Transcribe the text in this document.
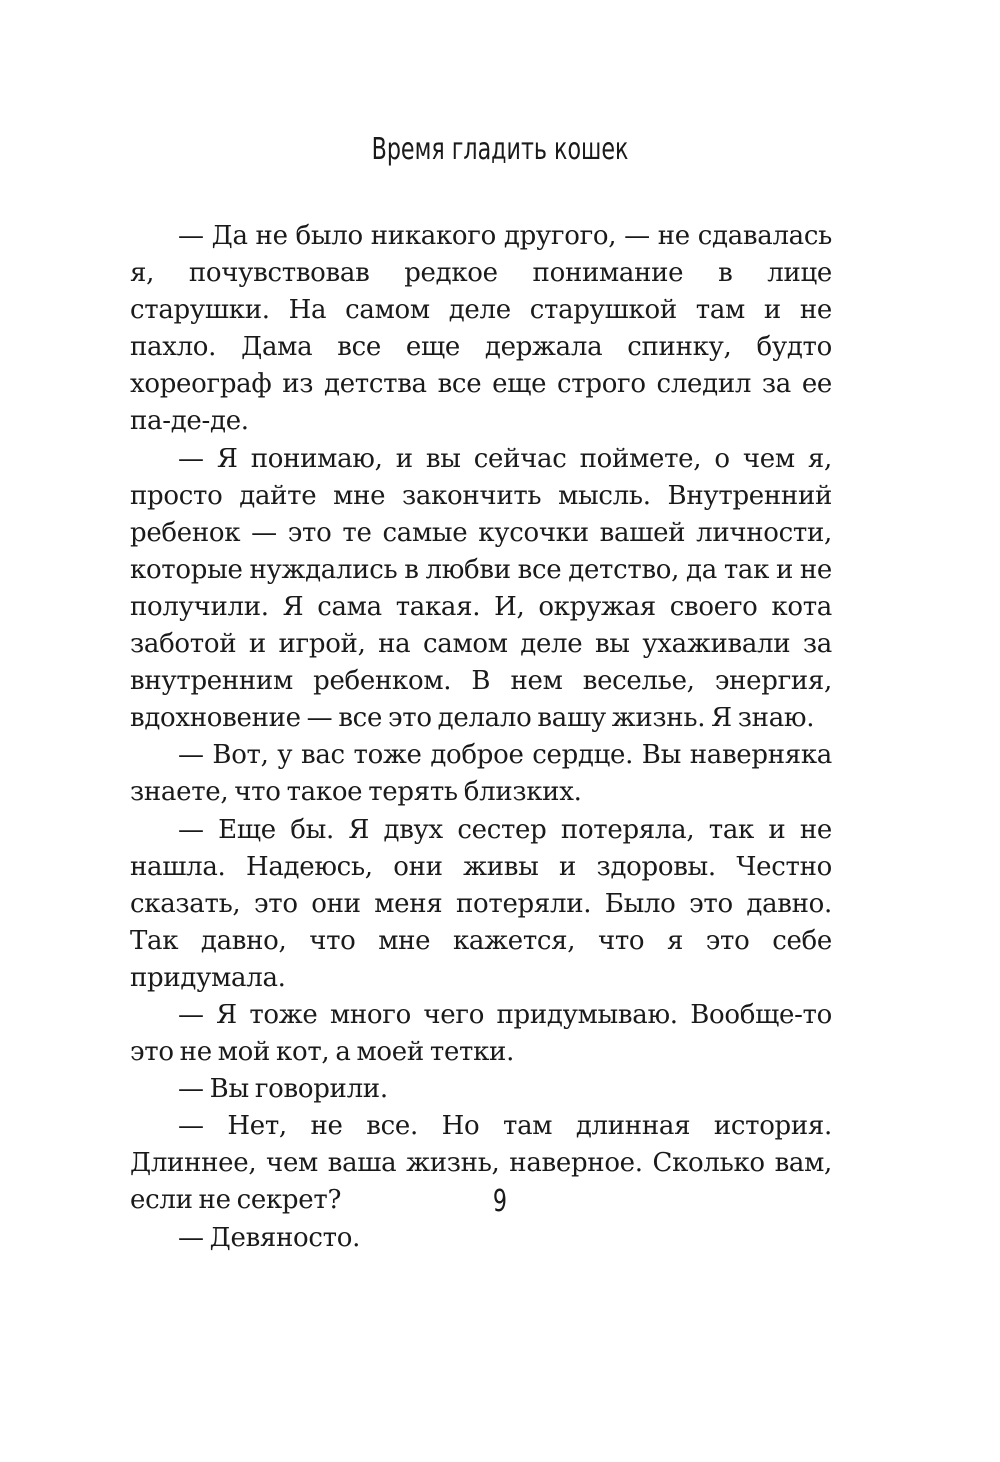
Время гладить кошек

— Да не было никакого другого, — не сдавалась я, почувствовав редкое понимание в лице старушки. На самом деле старушкой там и не пахло. Дама все еще держала спинку, будто хореограф из детства все еще строго следил за ее па-де-де.

— Я понимаю, и вы сейчас поймете, о чем я, просто дайте мне закончить мысль. Внутренний ребенок — это те самые кусочки вашей личности, которые нуждались в любви все детство, да так и не получили. Я сама такая. И, окружая своего кота заботой и игрой, на самом деле вы ухаживали за внутренним ребенком. В нем веселье, энергия, вдохновение — все это делало вашу жизнь. Я знаю.

— Вот, у вас тоже доброе сердце. Вы наверняка знаете, что такое терять близких.

— Еще бы. Я двух сестер потеряла, так и не нашла. Надеюсь, они живы и здоровы. Честно сказать, это они меня потеряли. Было это давно. Так давно, что мне кажется, что я это себе придумала.

— Я тоже много чего придумываю. Вообще-то это не мой кот, а моей тетки.

— Вы говорили.

— Нет, не все. Но там длинная история. Длиннее, чем ваша жизнь, наверное. Сколько вам, если не секрет?

— Девяносто.

9
